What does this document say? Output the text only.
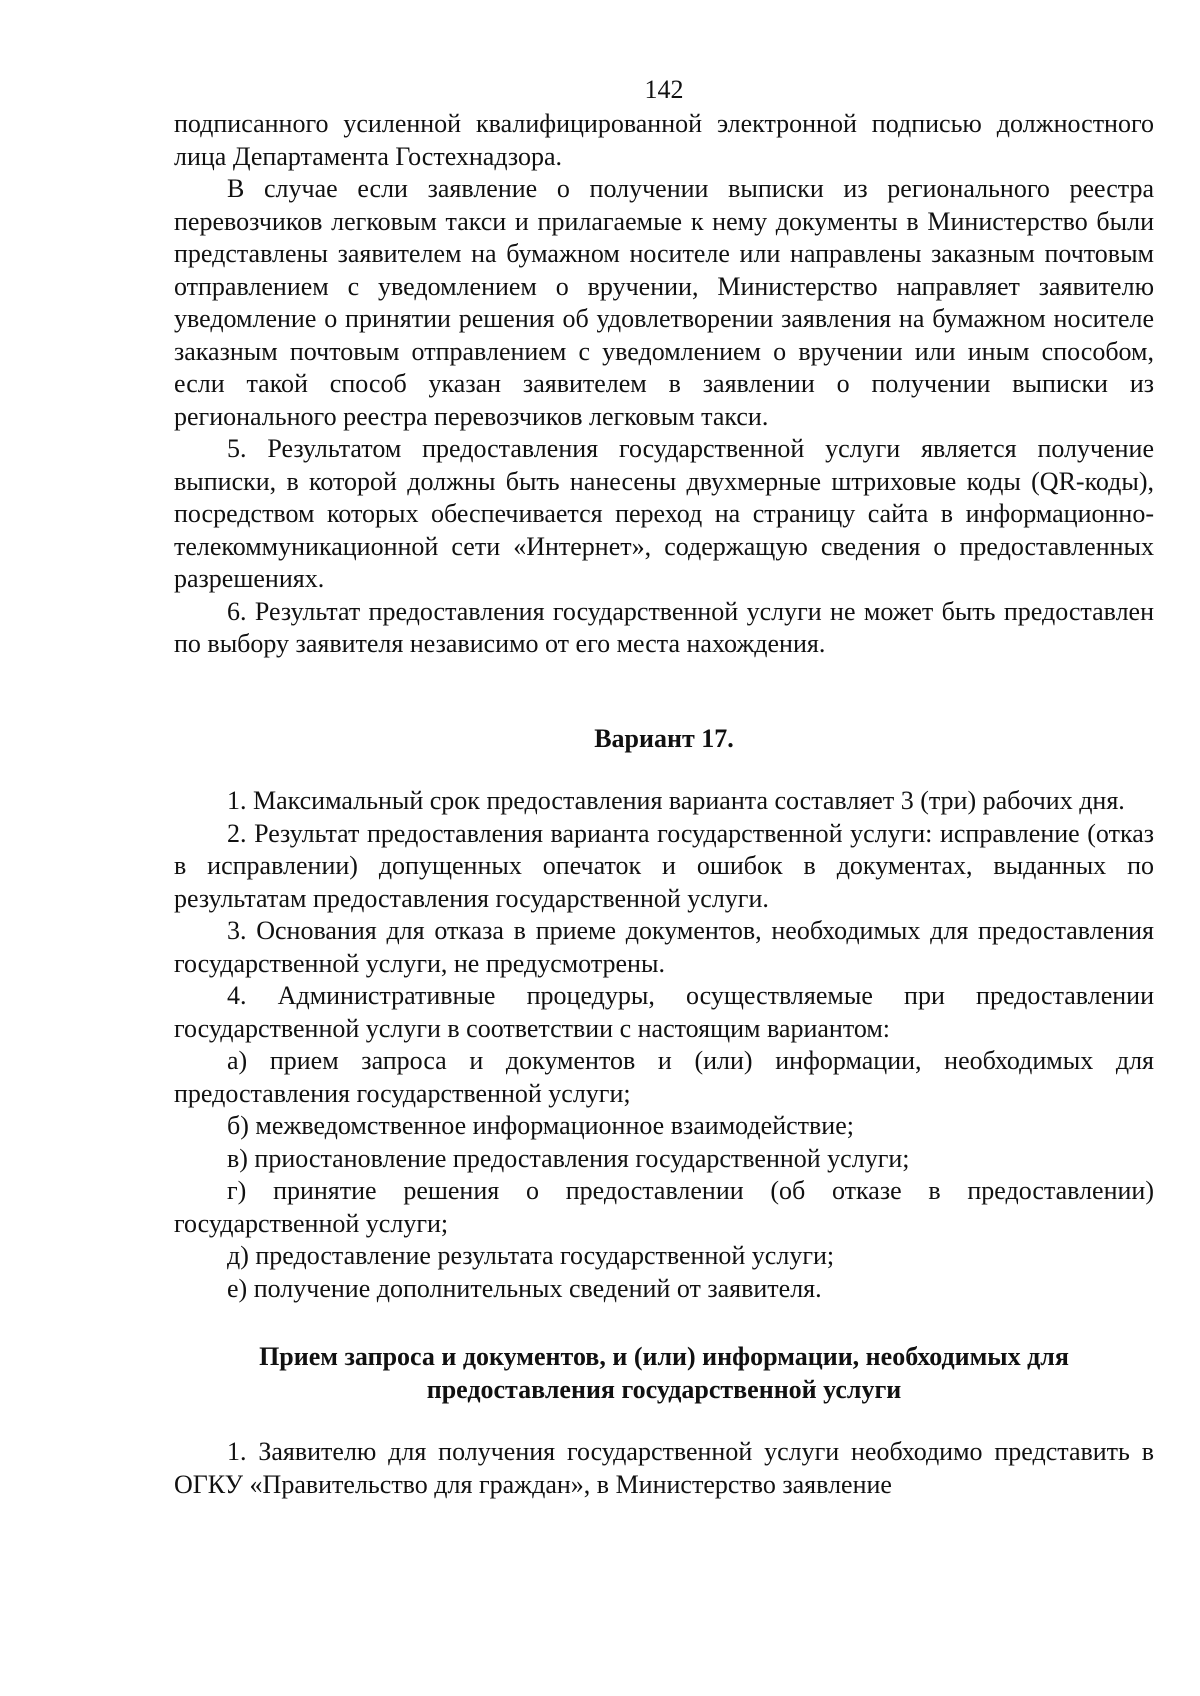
142

подписанного усиленной квалифицированной электронной подписью должностного лица Департамента Гостехнадзора.

В случае если заявление о получении выписки из регионального реестра перевозчиков легковым такси и прилагаемые к нему документы в Министерство были представлены заявителем на бумажном носителе или направлены заказным почтовым отправлением с уведомлением о вручении, Министерство направляет заявителю уведомление о принятии решения об удовлетворении заявления на бумажном носителе заказным почтовым отправлением с уведомлением о вручении или иным способом, если такой способ указан заявителем в заявлении о получении выписки из регионального реестра перевозчиков легковым такси.

5. Результатом предоставления государственной услуги является получение выписки, в которой должны быть нанесены двухмерные штриховые коды (QR-коды), посредством которых обеспечивается переход на страницу сайта в информационно-телекоммуникационной сети «Интернет», содержащую сведения о предоставленных разрешениях.

6. Результат предоставления государственной услуги не может быть предоставлен по выбору заявителя независимо от его места нахождения.

Вариант 17.

1. Максимальный срок предоставления варианта составляет 3 (три) рабочих дня.

2. Результат предоставления варианта государственной услуги: исправление (отказ в исправлении) допущенных опечаток и ошибок в документах, выданных по результатам предоставления государственной услуги.

3. Основания для отказа в приеме документов, необходимых для предоставления государственной услуги, не предусмотрены.

4. Административные процедуры, осуществляемые при предоставлении государственной услуги в соответствии с настоящим вариантом:

а) прием запроса и документов и (или) информации, необходимых для предоставления государственной услуги;

б) межведомственное информационное взаимодействие;

в) приостановление предоставления государственной услуги;

г) принятие решения о предоставлении (об отказе в предоставлении) государственной услуги;

д) предоставление результата государственной услуги;

е) получение дополнительных сведений от заявителя.

Прием запроса и документов, и (или) информации, необходимых для
предоставления государственной услуги

1. Заявителю для получения государственной услуги необходимо представить в ОГКУ «Правительство для граждан», в Министерство заявление
